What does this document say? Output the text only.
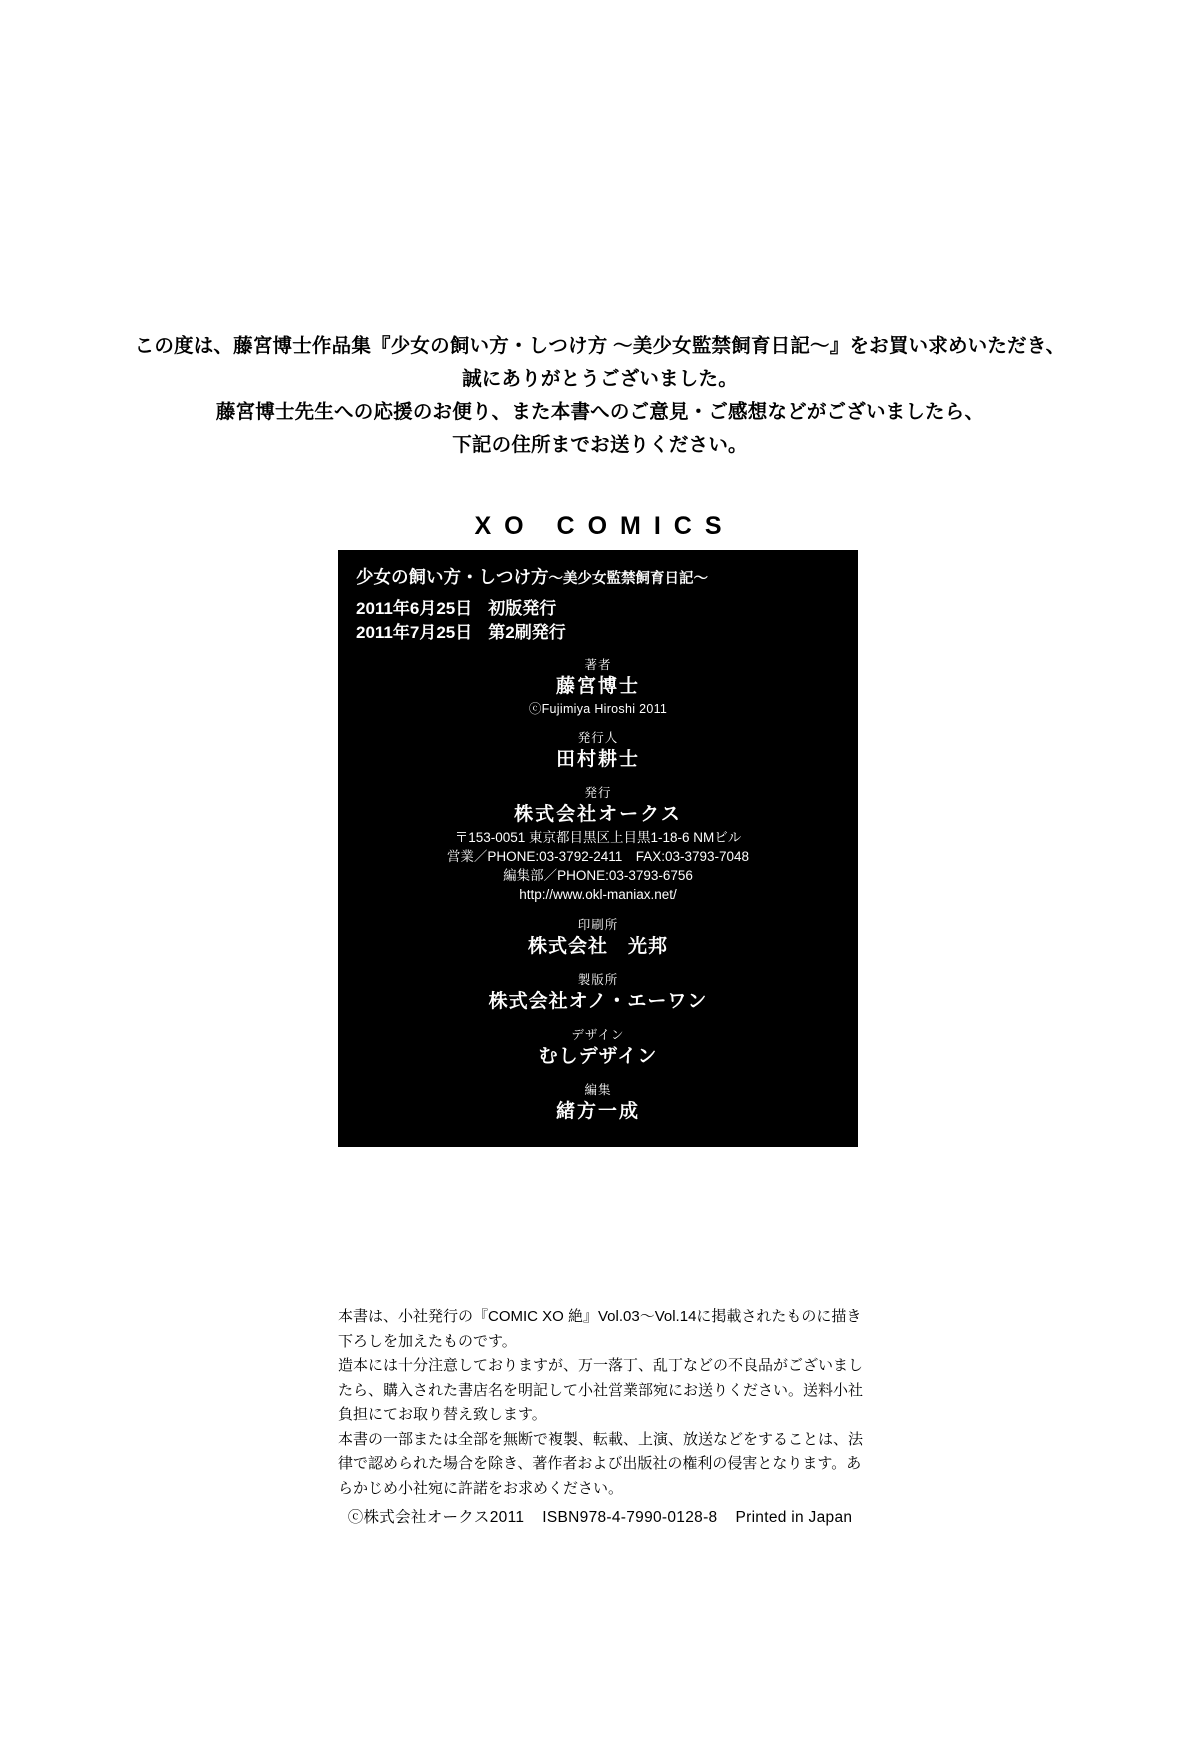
この度は、藤宮博士作品集『少女の飼い方・しつけ方 ～美少女監禁飼育日記～』をお買い求めいただき、
誠にありがとうございました。
藤宮博士先生への応援のお便り、また本書へのご意見・ご感想などがございましたら、
下記の住所までお送りください。
XO COMICS
少女の飼い方・しつけ方～美少女監禁飼育日記～
2011年6月25日 初版発行
2011年7月25日 第2刷発行
著者
藤宮博士
ⓒFujimiya Hiroshi 2011
発行人
田村耕士
発行
株式会社オークス
〒153-0051 東京都目黒区上目黒1-18-6 NMビル
営業／PHONE:03-3792-2411　FAX:03-3793-7048
編集部／PHONE:03-3793-6756
http://www.okl-maniax.net/
印刷所
株式会社　光邦
製版所
株式会社オノ・エーワン
デザイン
むしデザイン
編集
緒方一成

本書は、小社発行の『COMIC XO 絶』Vol.03～Vol.14に掲載されたものに描き下ろしを加えたものです。

造本には十分注意しておりますが、万一落丁、乱丁などの不良品がございましたら、購入された書店名を明記して小社営業部宛にお送りください。送料小社負担にてお取り替え致します。

本書の一部または全部を無断で複製、転載、上演、放送などをすることは、法律で認められた場合を除き、著作者および出版社の権利の侵害となります。あらかじめ小社宛に許諾をお求めください。

ⓒ株式会社オークス2011 ISBN978-4-7990-0128-8 Printed in Japan
